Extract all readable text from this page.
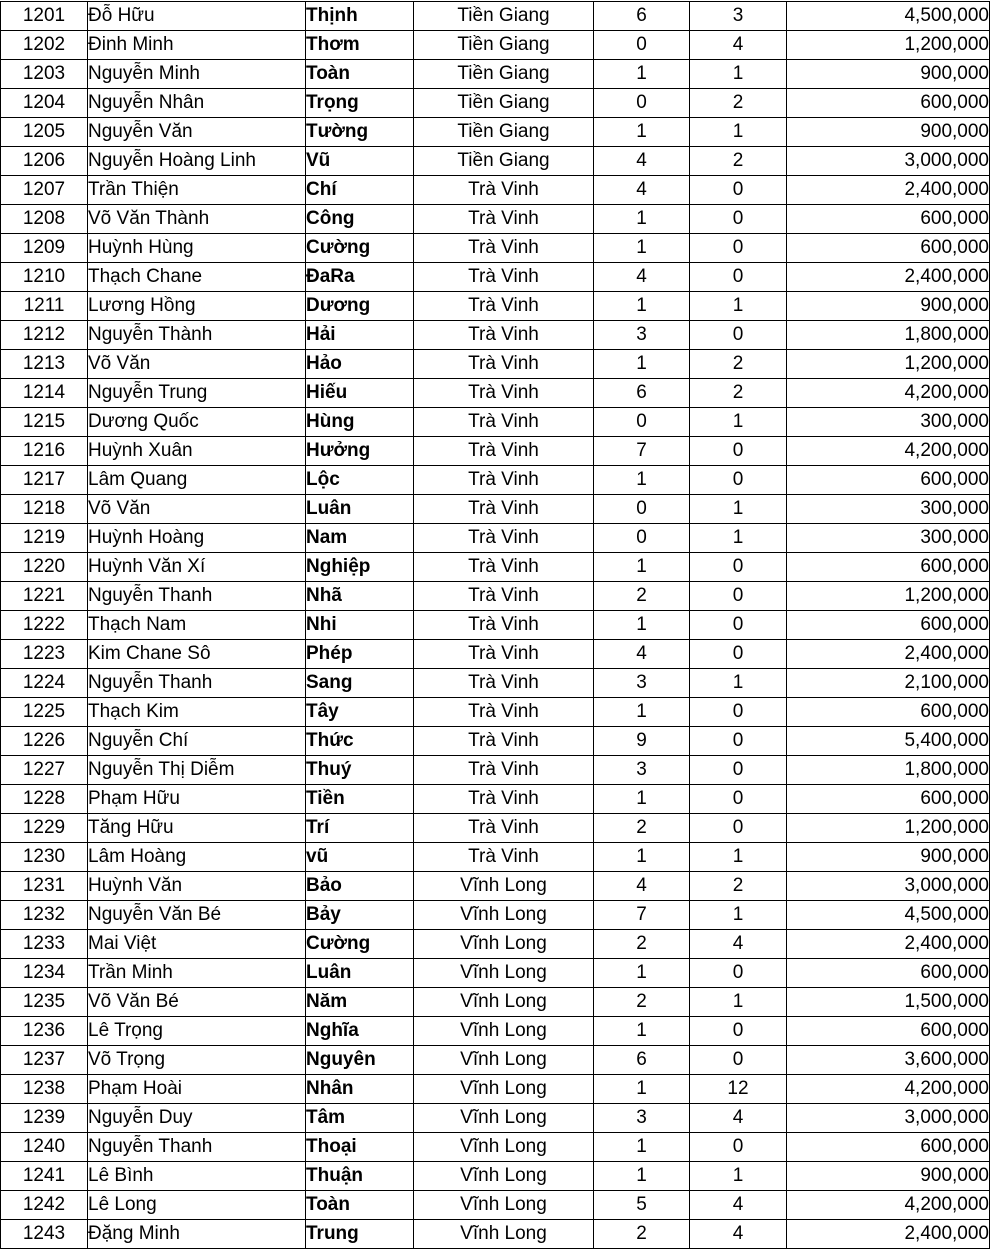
1201	Đỗ Hữu	Thịnh	Tiền Giang	6	3	4,500,000
1202	Đinh Minh	Thơm	Tiền Giang	0	4	1,200,000
1203	Nguyễn Minh	Toàn	Tiền Giang	1	1	900,000
1204	Nguyễn Nhân	Trọng	Tiền Giang	0	2	600,000
1205	Nguyễn Văn	Tường	Tiền Giang	1	1	900,000
1206	Nguyễn Hoàng Linh	Vũ	Tiền Giang	4	2	3,000,000
1207	Trần Thiện	Chí	Trà Vinh	4	0	2,400,000
1208	Võ Văn Thành	Công	Trà Vinh	1	0	600,000
1209	Huỳnh Hùng	Cường	Trà Vinh	1	0	600,000
1210	Thạch Chane	ĐaRa	Trà Vinh	4	0	2,400,000
1211	Lương Hồng	Dương	Trà Vinh	1	1	900,000
1212	Nguyễn Thành	Hải	Trà Vinh	3	0	1,800,000
1213	Võ Văn	Hảo	Trà Vinh	1	2	1,200,000
1214	Nguyễn Trung	Hiếu	Trà Vinh	6	2	4,200,000
1215	Dương Quốc	Hùng	Trà Vinh	0	1	300,000
1216	Huỳnh Xuân	Hưởng	Trà Vinh	7	0	4,200,000
1217	Lâm Quang	Lộc	Trà Vinh	1	0	600,000
1218	Võ Văn	Luân	Trà Vinh	0	1	300,000
1219	Huỳnh Hoàng	Nam	Trà Vinh	0	1	300,000
1220	Huỳnh Văn Xí	Nghiệp	Trà Vinh	1	0	600,000
1221	Nguyễn Thanh	Nhã	Trà Vinh	2	0	1,200,000
1222	Thạch Nam	Nhi	Trà Vinh	1	0	600,000
1223	Kim Chane Sô	Phép	Trà Vinh	4	0	2,400,000
1224	Nguyễn Thanh	Sang	Trà Vinh	3	1	2,100,000
1225	Thạch Kim	Tây	Trà Vinh	1	0	600,000
1226	Nguyễn Chí	Thức	Trà Vinh	9	0	5,400,000
1227	Nguyễn Thị Diễm	Thuý	Trà Vinh	3	0	1,800,000
1228	Phạm Hữu	Tiền	Trà Vinh	1	0	600,000
1229	Tăng Hữu	Trí	Trà Vinh	2	0	1,200,000
1230	Lâm Hoàng	vũ	Trà Vinh	1	1	900,000
1231	Huỳnh Văn	Bảo	Vĩnh Long	4	2	3,000,000
1232	Nguyễn Văn Bé	Bảy	Vĩnh Long	7	1	4,500,000
1233	Mai Việt	Cường	Vĩnh Long	2	4	2,400,000
1234	Trần Minh	Luân	Vĩnh Long	1	0	600,000
1235	Võ Văn Bé	Năm	Vĩnh Long	2	1	1,500,000
1236	Lê Trọng	Nghĩa	Vĩnh Long	1	0	600,000
1237	Võ Trọng	Nguyên	Vĩnh Long	6	0	3,600,000
1238	Phạm Hoài	Nhân	Vĩnh Long	1	12	4,200,000
1239	Nguyễn Duy	Tâm	Vĩnh Long	3	4	3,000,000
1240	Nguyễn Thanh	Thoại	Vĩnh Long	1	0	600,000
1241	Lê Bình	Thuận	Vĩnh Long	1	1	900,000
1242	Lê Long	Toàn	Vĩnh Long	5	4	4,200,000
1243	Đặng Minh	Trung	Vĩnh Long	2	4	2,400,000
